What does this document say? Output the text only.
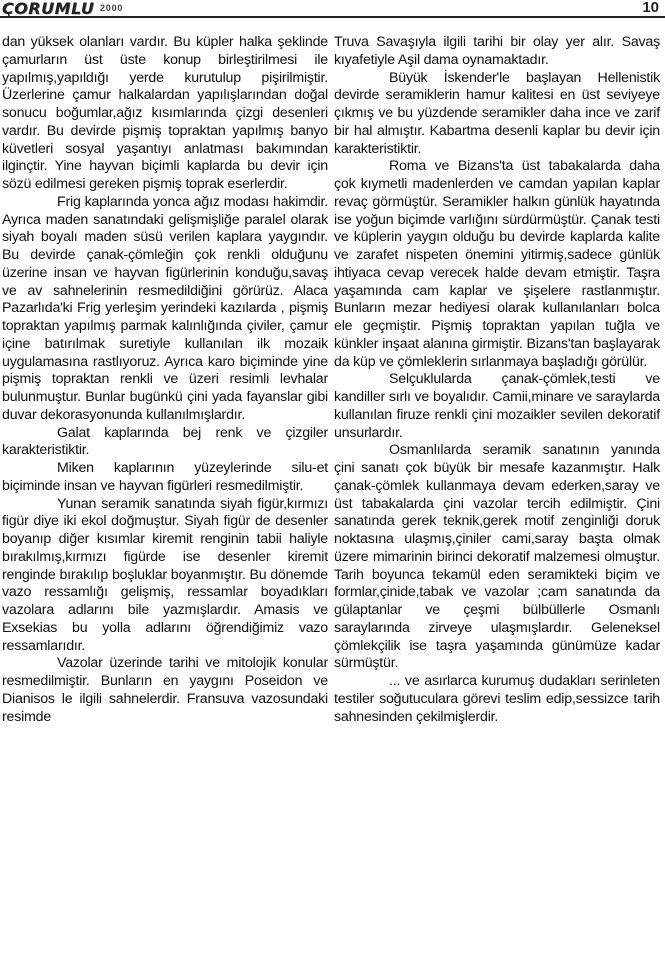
ÇORUMLU 2000	10

dan yüksek olanları vardır. Bu küpler halka şeklinde çamurların üst üste konup birleştirilmesi ile yapılmış,yapıldığı yerde kurutulup pişirilmiştir. Üzerlerine çamur halkalardan yapılışlarından doğal sonucu boğumlar,ağız kısımlarında çizgi desenleri vardır. Bu devirde pişmiş topraktan yapılmış banyo küvetleri sosyal yaşantıyı anlatması bakımından ilginçtir. Yine hayvan biçimli kaplarda bu devir için sözü edilmesi gereken pişmiş toprak eserlerdir.

Frig kaplarında yonca ağız modası hakimdir. Ayrıca maden sanatındaki gelişmişliğe paralel olarak siyah boyalı maden süsü verilen kaplara yaygındır. Bu devirde çanak-çömleğin çok renkli olduğunu üzerine insan ve hayvan figürlerinin konduğu,savaş ve av sahnelerinin resmedildiğini görürüz. Alaca Pazarlıda'ki Frig yerleşim yerindeki kazılarda , pişmiş topraktan yapılmış parmak kalınlığında çiviler, çamur içine batırılmak suretiyle kullanılan ilk mozaik uygulamasına rastlıyoruz. Ayrıca karo biçiminde yine pişmiş topraktan renkli ve üzeri resimli levhalar bulunmuştur. Bunlar bugünkü çini yada fayanslar gibi duvar dekorasyonunda kullanılmışlardır.

Galat kaplarında bej renk ve çizgiler karakteristiktir.

Miken kaplarının yüzeylerinde silu-et biçiminde insan ve hayvan figürleri resmedilmiştir.

Yunan seramik sanatında siyah figür,kırmızı figür diye iki ekol doğmuştur. Siyah figür de desenler boyanıp diğer kısımlar kiremit renginin tabii haliyle bırakılmış,kırmızı figürde ise desenler kiremit renginde bırakılıp boşluklar boyanmıştır. Bu dönemde vazo ressamlığı gelişmiş, ressamlar boyadıkları vazolara adlarını bile yazmışlardır. Amasis ve Exsekias bu yolla adlarını öğrendiğimiz vazo ressamlarıdır.

Vazolar üzerinde tarihi ve mitolojik konular resmedilmiştir. Bunların en yaygını Poseidon ve Dianisos le ilgili sahnelerdir. Fransuva vazosundaki resimde

Truva Savaşıyla ilgili tarihi bir olay yer alır. Savaş kıyafetiyle Aşil dama oynamaktadır.

Büyük İskender'le başlayan Hellenistik devirde seramiklerin hamur kalitesi en üst seviyeye çıkmış ve bu yüzdende seramikler daha ince ve zarif bir hal almıştır. Kabartma desenli kaplar bu devir için karakteristiktir.

Roma ve Bizans'ta üst tabakalarda daha çok kıymetli madenlerden ve camdan yapılan kaplar revaç görmüştür. Seramikler halkın günlük hayatında ise yoğun biçimde varlığını sürdürmüştür. Çanak testi ve küplerin yaygın olduğu bu devirde kaplarda kalite ve zarafet nispeten önemini yitirmiş,sadece günlük ihtiyaca cevap verecek halde devam etmiştir. Taşra yaşamında cam kaplar ve şişelere rastlanmıştır. Bunların mezar hediyesi olarak kullanılanları bolca ele geçmiştir. Pişmiş topraktan yapılan tuğla ve künkler inşaat alanına girmiştir. Bizans'tan başlayarak da küp ve çömleklerin sırlanmaya başladığı görülür.

Selçuklularda çanak-çömlek,testi ve kandiller sırlı ve boyalıdır. Camii,minare ve saraylarda kullanılan firuze renkli çini mozaikler sevilen dekoratif unsurlardır.

Osmanlılarda seramik sanatının yanında çini sanatı çok büyük bir mesafe kazanmıştır. Halk çanak-çömlek kullanmaya devam ederken,saray ve üst tabakalarda çini vazolar tercih edilmiştir. Çini sanatında gerek teknik,gerek motif zenginliği doruk noktasına ulaşmış,çiniler cami,saray başta olmak üzere mimarinin birinci dekoratif malzemesi olmuştur. Tarih boyunca tekamül eden seramikteki biçim ve formlar,çinide,tabak ve vazolar ;cam sanatında da gülaptanlar ve çeşmi bülbüllerle Osmanlı saraylarında zirveye ulaşmışlardır. Geleneksel çömlekçilik ise taşra yaşamında günümüze kadar sürmüştür.

... ve asırlarca kurumuş dudakları serinleten testiler soğutuculara görevi teslim edip,sessizce tarih sahnesinden çekilmişlerdir.
